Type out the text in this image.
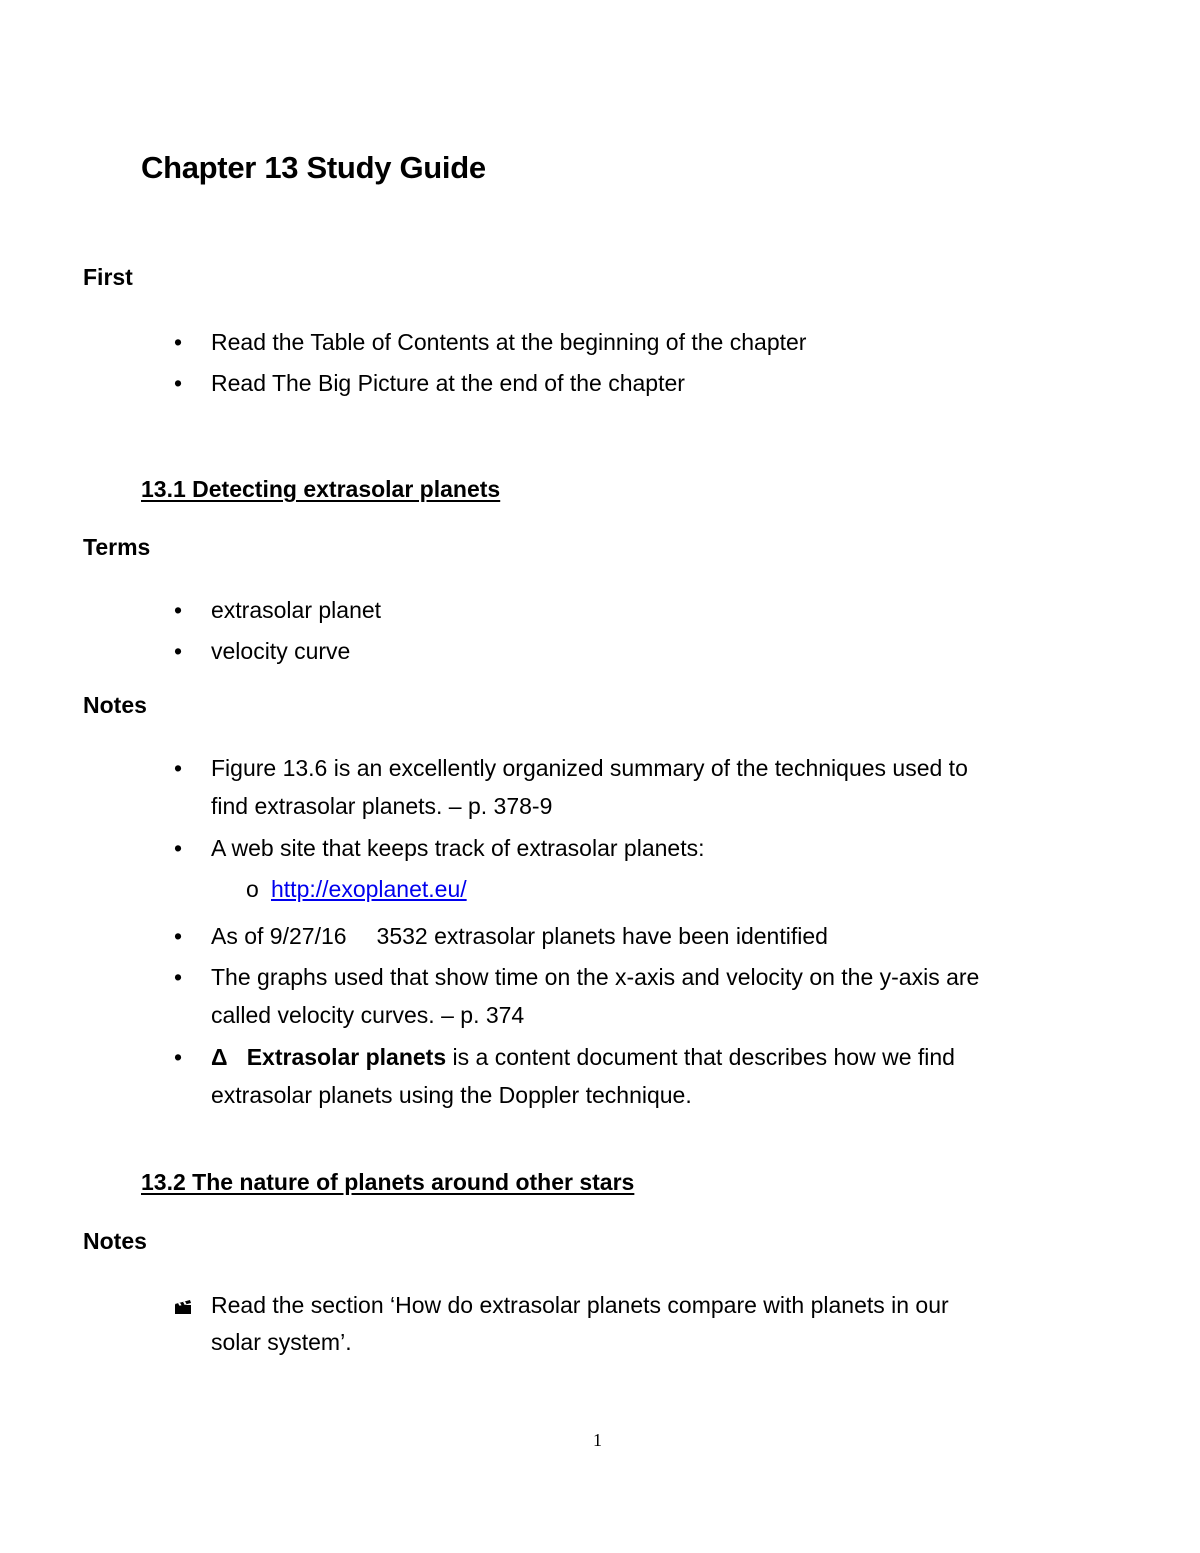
Chapter 13 Study Guide
First
•	Read the Table of Contents at the beginning of the chapter
•	Read The Big Picture at the end of the chapter
13.1 Detecting extrasolar planets
Terms
•	extrasolar planet
•	velocity curve
Notes
•	Figure 13.6 is an excellently organized summary of the techniques used to
find extrasolar planets. – p. 378-9
•	A web site that keeps track of extrasolar planets:
o http://exoplanet.eu/
•	As of 9/27/16 3532 extrasolar planets have been identified
•	The graphs used that show time on the x-axis and velocity on the y-axis are
called velocity curves. – p. 374
•	Δ Extrasolar planets is a content document that describes how we find
extrasolar planets using the Doppler technique.
13.2 The nature of planets around other stars
Notes
Read the section ‘How do extrasolar planets compare with planets in our
solar system’.
1
